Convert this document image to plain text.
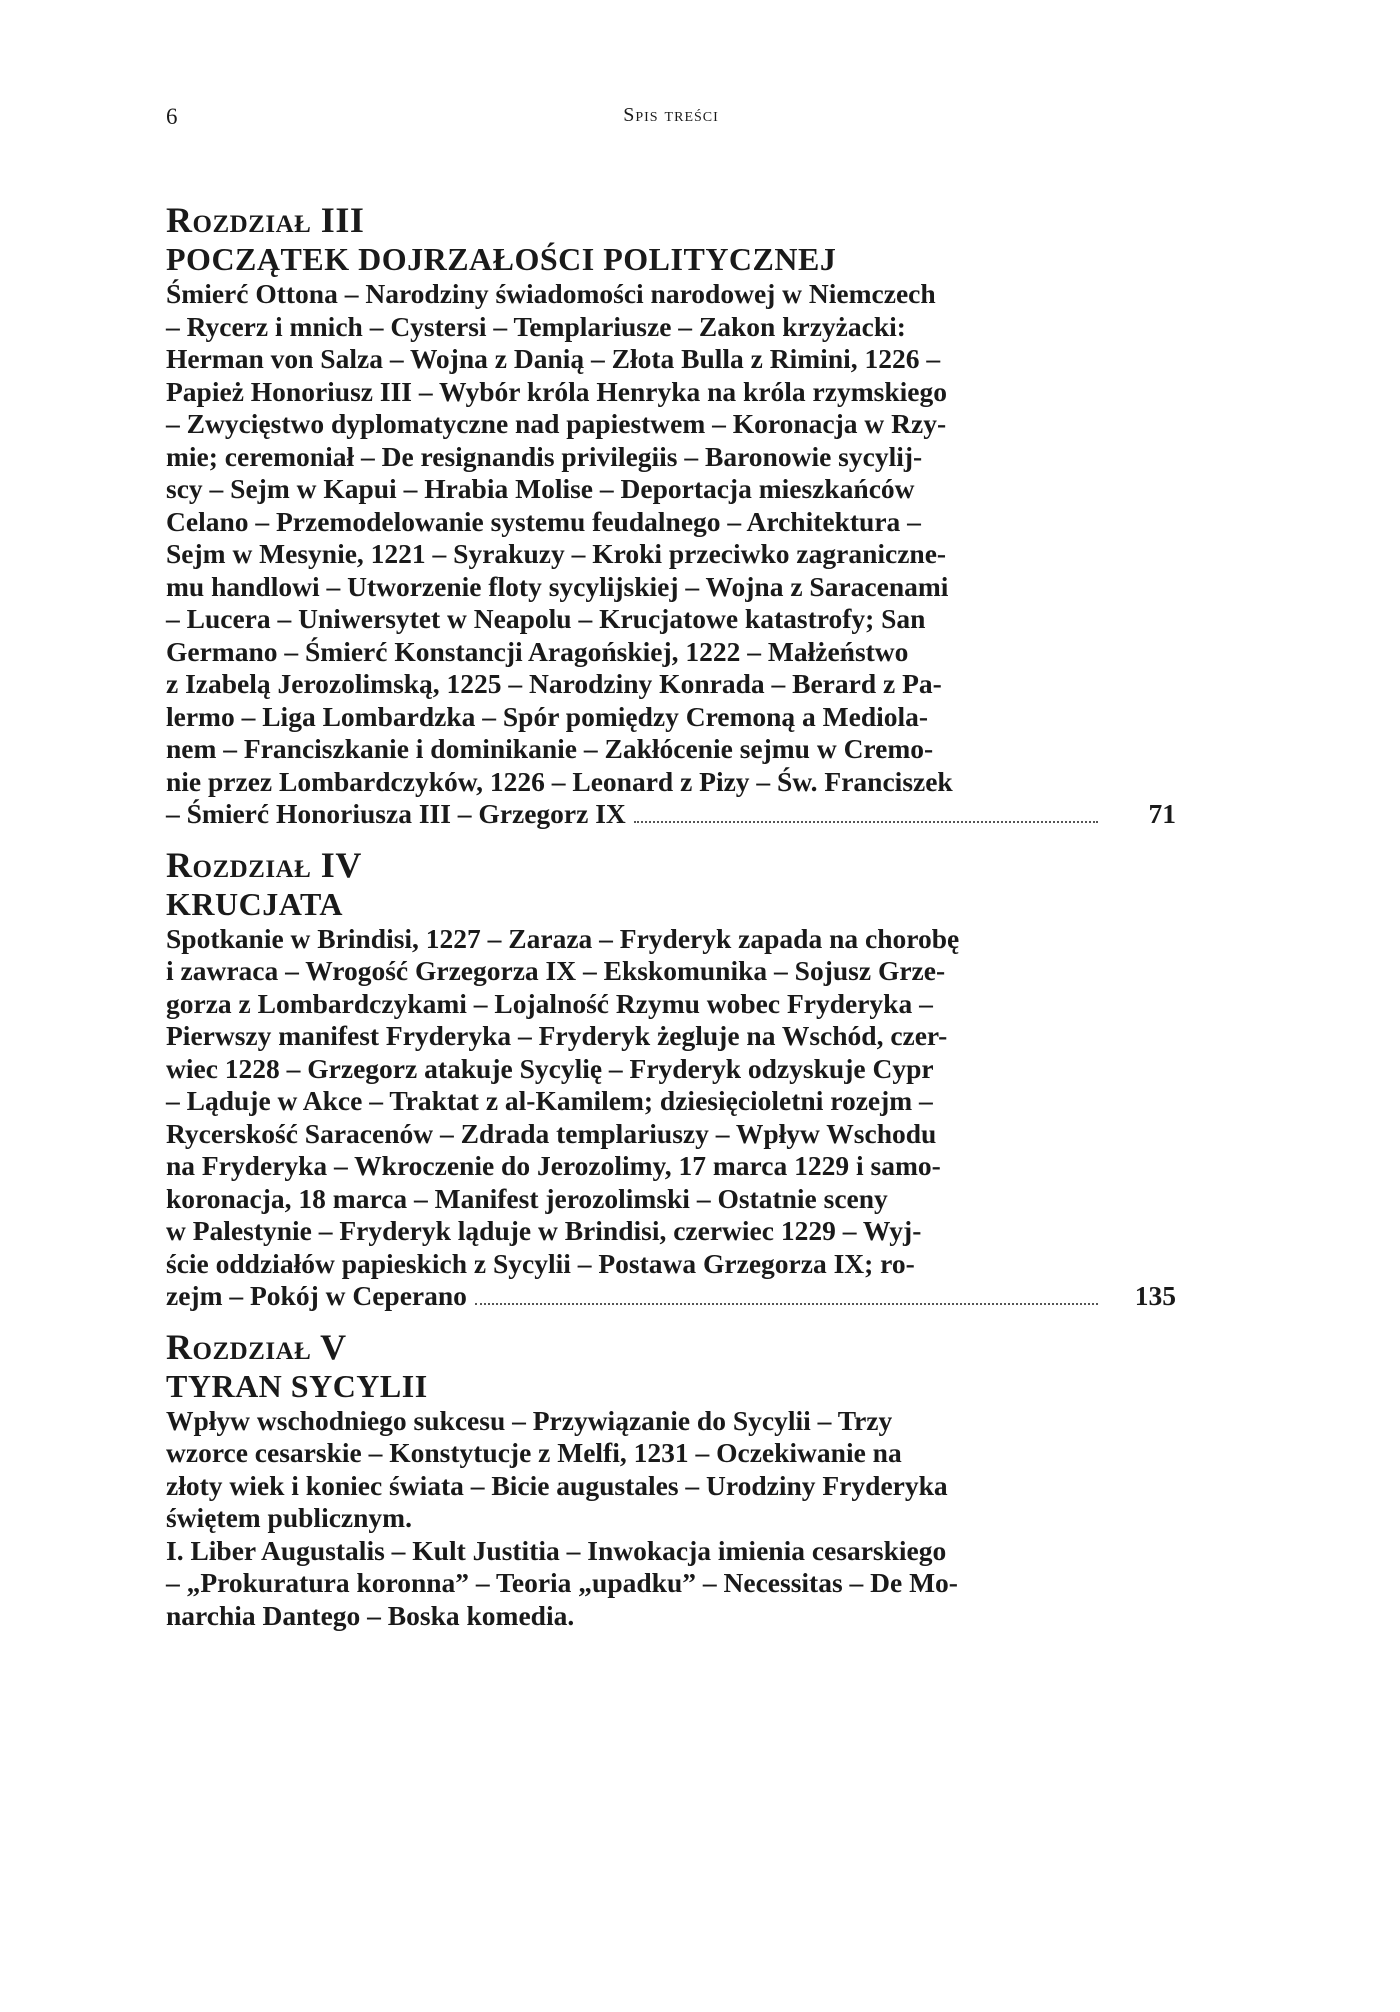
6	Spis treści

Rozdział III

POCZĄTEK DOJRZAŁOŚCI POLITYCZNEJ

Śmierć Ottona – Narodziny świadomości narodowej w Niemczech
– Rycerz i mnich – Cystersi – Templariusze – Zakon krzyżacki:
Herman von Salza – Wojna z Danią – Złota Bulla z Rimini, 1226 –
Papież Honoriusz III – Wybór króla Henryka na króla rzymskiego
– Zwycięstwo dyplomatyczne nad papiestwem – Koronacja w Rzy-
mie; ceremoniał – De resignandis privilegiis – Baronowie sycylij-
scy – Sejm w Kapui – Hrabia Molise – Deportacja mieszkańców
Celano – Przemodelowanie systemu feudalnego – Architektura –
Sejm w Mesynie, 1221 – Syrakuzy – Kroki przeciwko zagraniczne-
mu handlowi – Utworzenie floty sycylijskiej – Wojna z Saracenami
– Lucera – Uniwersytet w Neapolu – Krucjatowe katastrofy; San
Germano – Śmierć Konstancji Aragońskiej, 1222 – Małżeństwo
z Izabelą Jerozolimską, 1225 – Narodziny Konrada – Berard z Pa-
lermo – Liga Lombardzka – Spór pomiędzy Cremoną a Mediola-
nem – Franciszkanie i dominikanie – Zakłócenie sejmu w Cremo-
nie przez Lombardczyków, 1226 – Leonard z Pizy – Św. Franciszek
– Śmierć Honoriusza III – Grzegorz IX	71

Rozdział IV

KRUCJATA

Spotkanie w Brindisi, 1227 – Zaraza – Fryderyk zapada na chorobę
i zawraca – Wrogość Grzegorza IX – Ekskomunika – Sojusz Grze-
gorza z Lombardczykami – Lojalność Rzymu wobec Fryderyka –
Pierwszy manifest Fryderyka – Fryderyk żegluje na Wschód, czer-
wiec 1228 – Grzegorz atakuje Sycylię – Fryderyk odzyskuje Cypr
– Ląduje w Akce – Traktat z al-Kamilem; dziesięcioletni rozejm –
Rycerskość Saracenów – Zdrada templariuszy – Wpływ Wschodu
na Fryderyka – Wkroczenie do Jerozolimy, 17 marca 1229 i samo-
koronacja, 18 marca – Manifest jerozolimski – Ostatnie sceny
w Palestynie – Fryderyk ląduje w Brindisi, czerwiec 1229 – Wyj-
ście oddziałów papieskich z Sycylii – Postawa Grzegorza IX; ro-
zejm – Pokój w Ceperano	135

Rozdział V

TYRAN SYCYLII

Wpływ wschodniego sukcesu – Przywiązanie do Sycylii – Trzy
wzorce cesarskie – Konstytucje z Melfi, 1231 – Oczekiwanie na
złoty wiek i koniec świata – Bicie augustales – Urodziny Fryderyka
świętem publicznym.
I. Liber Augustalis – Kult Justitia – Inwokacja imienia cesarskiego
– „Prokuratura koronna” – Teoria „upadku” – Necessitas – De Mo-
narchia Dantego – Boska komedia.
